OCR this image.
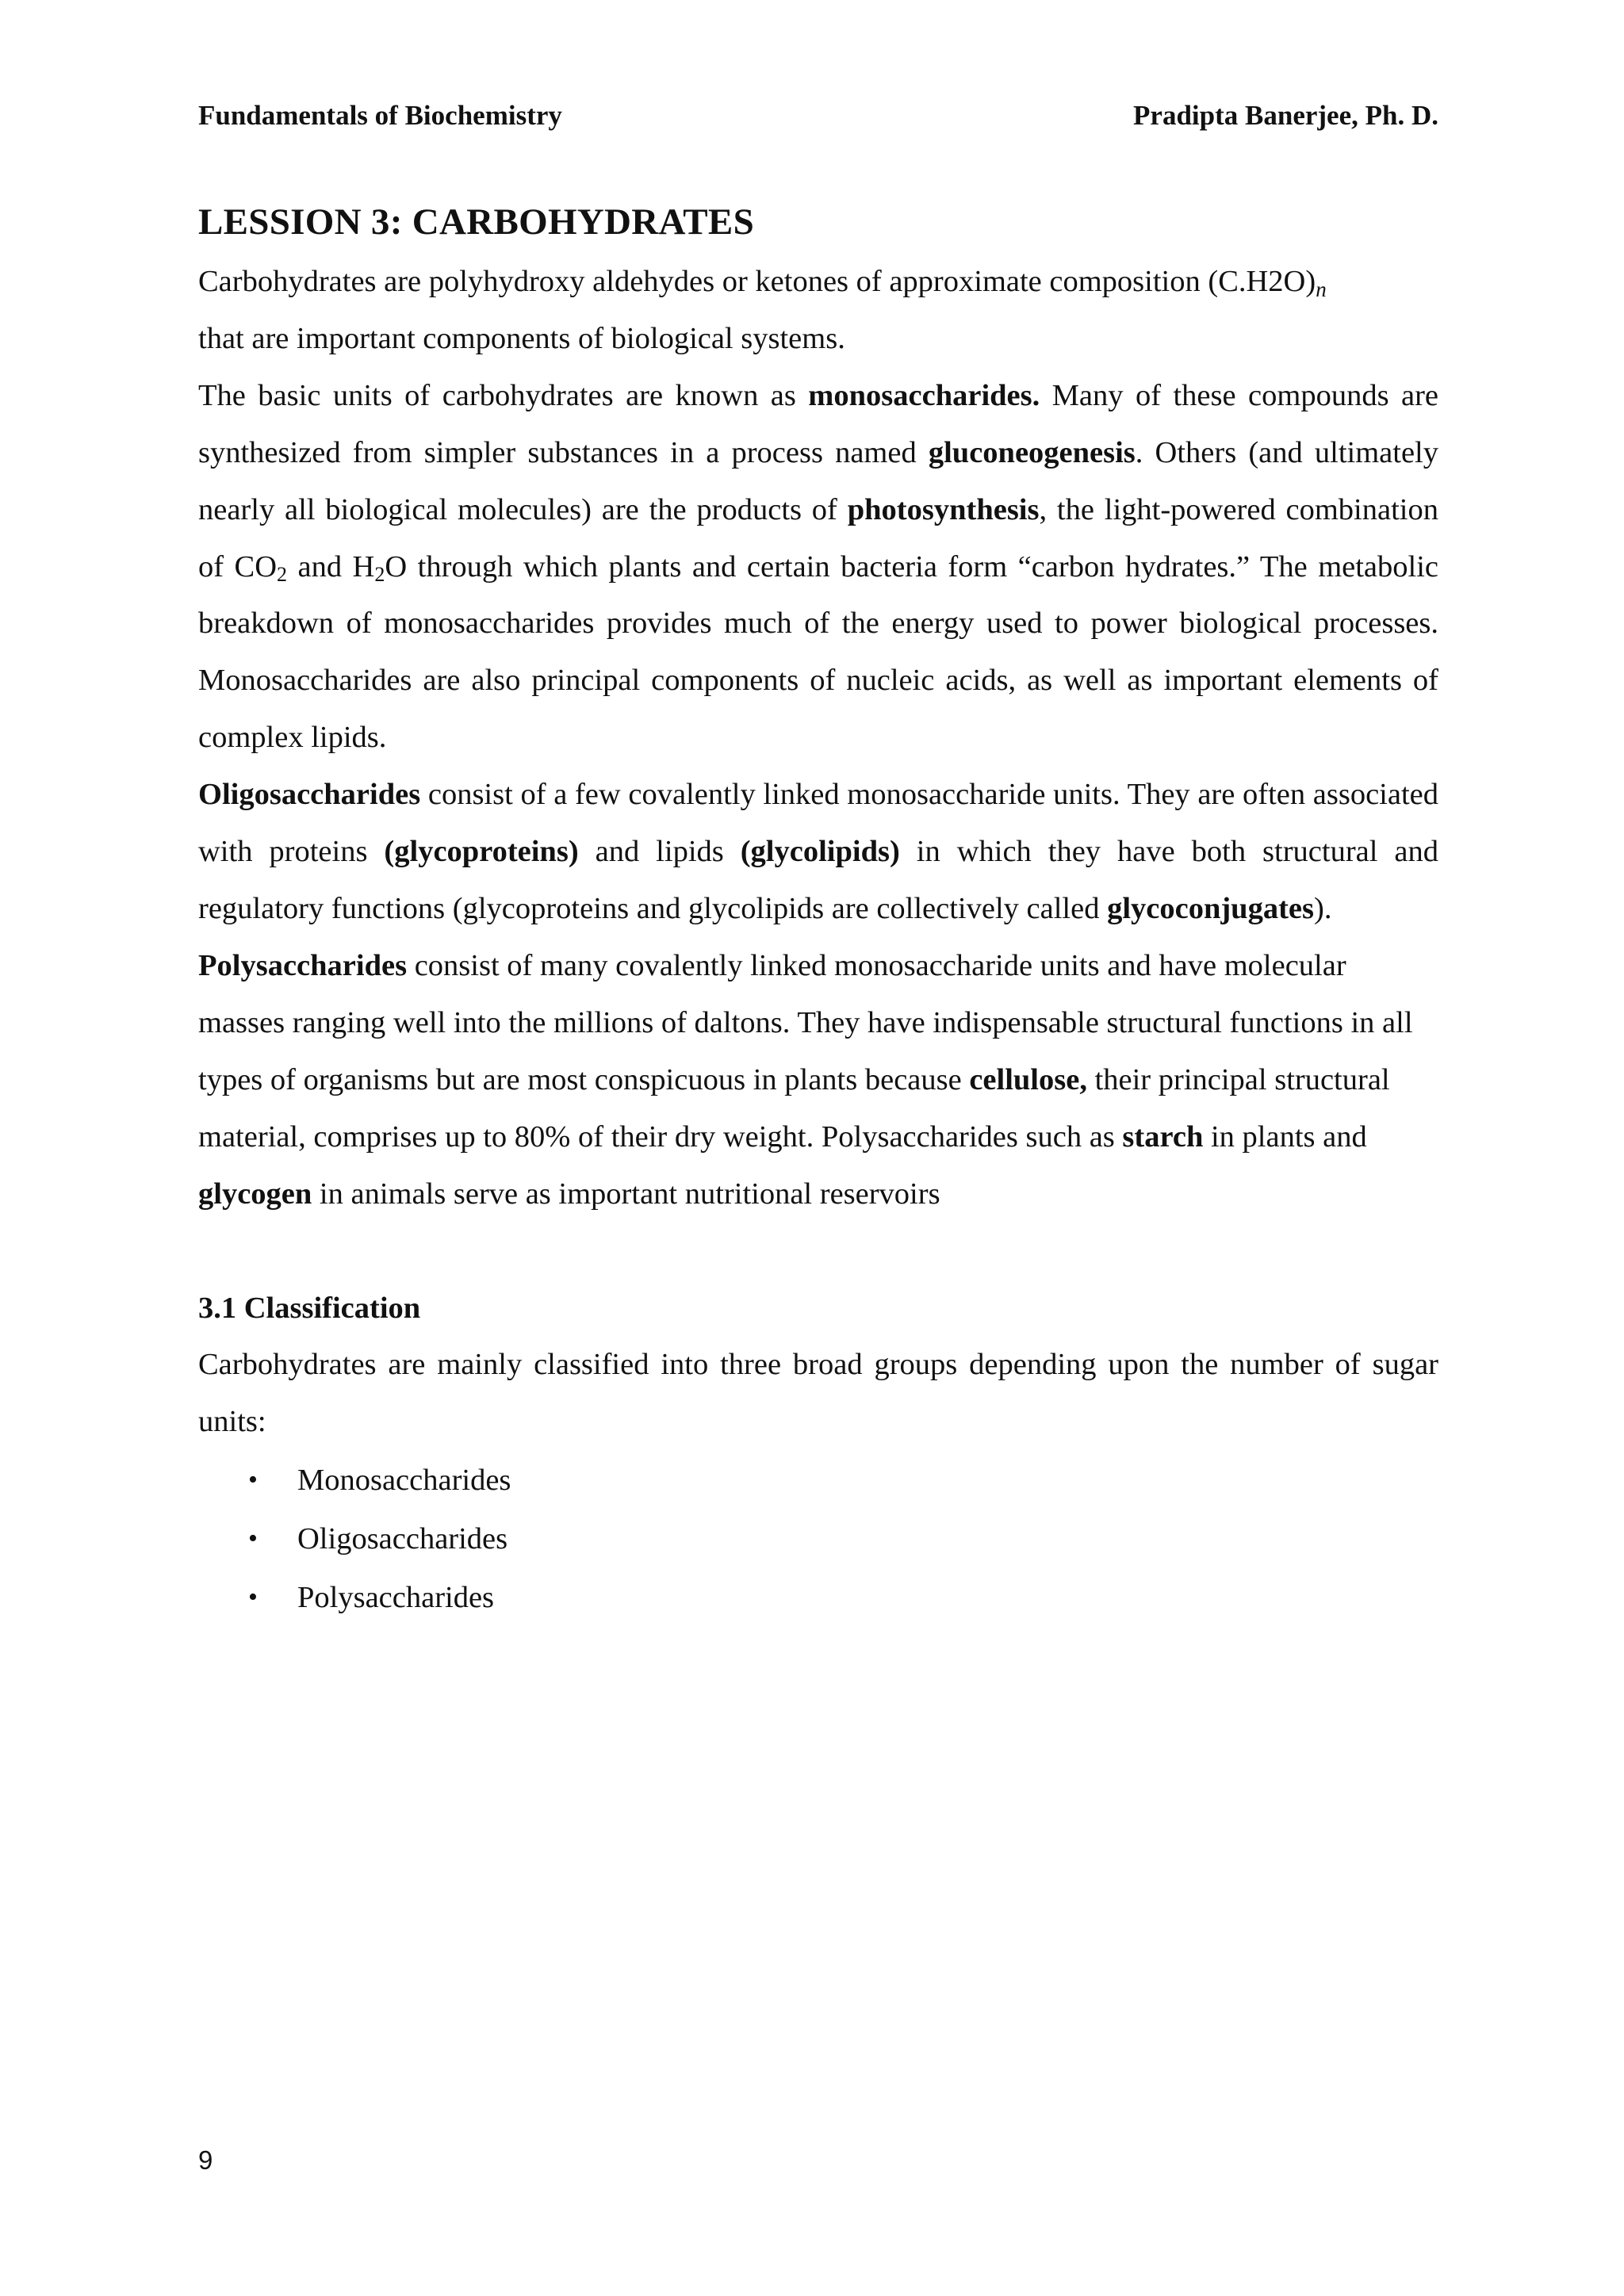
Fundamentals of Biochemistry	Pradipta Banerjee, Ph. D.
LESSION 3: CARBOHYDRATES

Carbohydrates are polyhydroxy aldehydes or ketones of approximate composition (C.H2O)n
that are important components of biological systems.

The basic units of carbohydrates are known as monosaccharides. Many of these compounds are synthesized from simpler substances in a process named gluconeogenesis. Others (and ultimately nearly all biological molecules) are the products of photosynthesis, the light-powered combination of $CO_2$ and $H_2O$ through which plants and certain bacteria form “carbon hydrates.” The metabolic breakdown of monosaccharides provides much of the energy used to power biological processes. Monosaccharides are also principal components of nucleic acids, as well as important elements of complex lipids.

Oligosaccharides consist of a few covalently linked monosaccharide units. They are often associated with proteins (glycoproteins) and lipids (glycolipids) in which they have both structural and regulatory functions (glycoproteins and glycolipids are collectively called glycoconjugates).

Polysaccharides consist of many covalently linked monosaccharide units and have molecular masses ranging well into the millions of daltons. They have indispensable structural functions in all types of organisms but are most conspicuous in plants because cellulose, their principal structural material, comprises up to 80% of their dry weight. Polysaccharides such as starch in plants and glycogen in animals serve as important nutritional reservoirs

3.1 Classification

Carbohydrates are mainly classified into three broad groups depending upon the number of sugar units:

• Monosaccharides
• Oligosaccharides
• Polysaccharides
9
